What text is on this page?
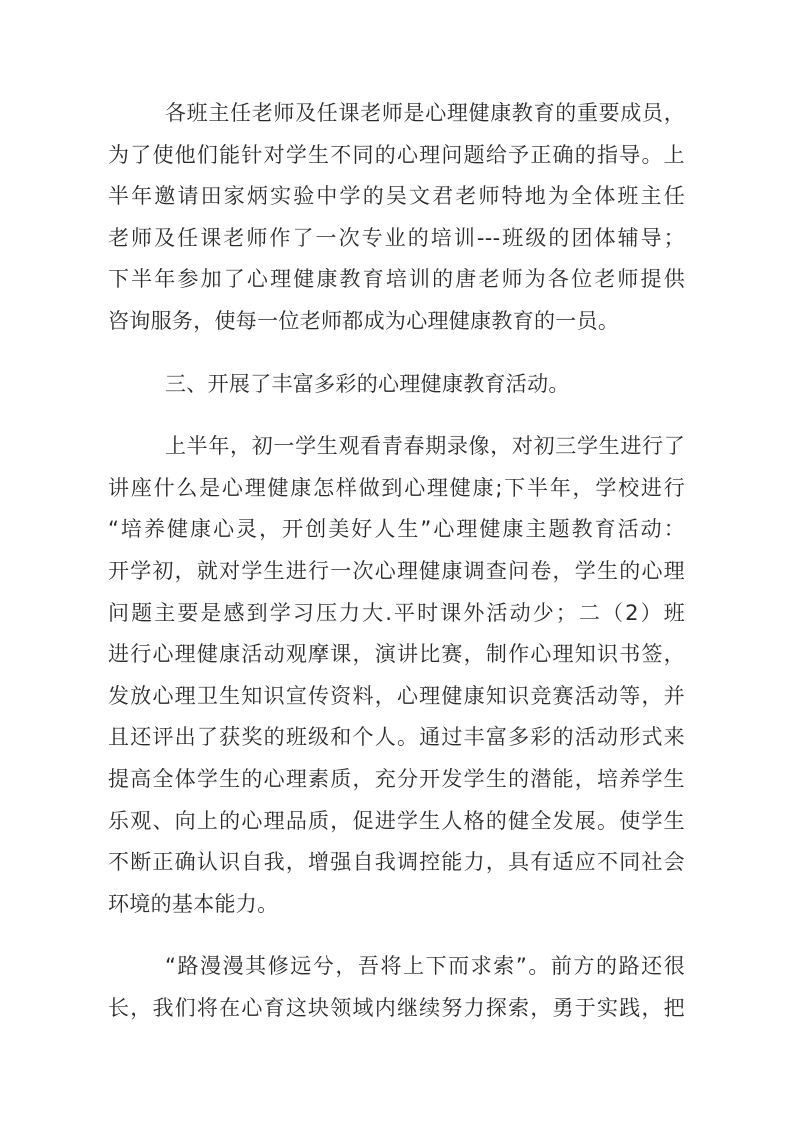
各班主任老师及任课老师是心理健康教育的重要成员，
为了使他们能针对学生不同的心理问题给予正确的指导。上
半年邀请田家炳实验中学的吴文君老师特地为全体班主任
老师及任课老师作了一次专业的培训---班级的团体辅导；
下半年参加了心理健康教育培训的唐老师为各位老师提供
咨询服务，使每一位老师都成为心理健康教育的一员。
三、开展了丰富多彩的心理健康教育活动。
上半年，初一学生观看青春期录像，对初三学生进行了
讲座什么是心理健康怎样做到心理健康;下半年，学校进行
“培养健康心灵，开创美好人生”心理健康主题教育活动：
开学初，就对学生进行一次心理健康调查问卷，学生的心理
问题主要是感到学习压力大.平时课外活动少；二（2）班
进行心理健康活动观摩课，演讲比赛，制作心理知识书签，
发放心理卫生知识宣传资料，心理健康知识竞赛活动等，并
且还评出了获奖的班级和个人。通过丰富多彩的活动形式来
提高全体学生的心理素质，充分开发学生的潜能，培养学生
乐观、向上的心理品质，促进学生人格的健全发展。使学生
不断正确认识自我，增强自我调控能力，具有适应不同社会
环境的基本能力。
“路漫漫其修远兮，吾将上下而求索”。前方的路还很
长，我们将在心育这块领域内继续努力探索，勇于实践，把
